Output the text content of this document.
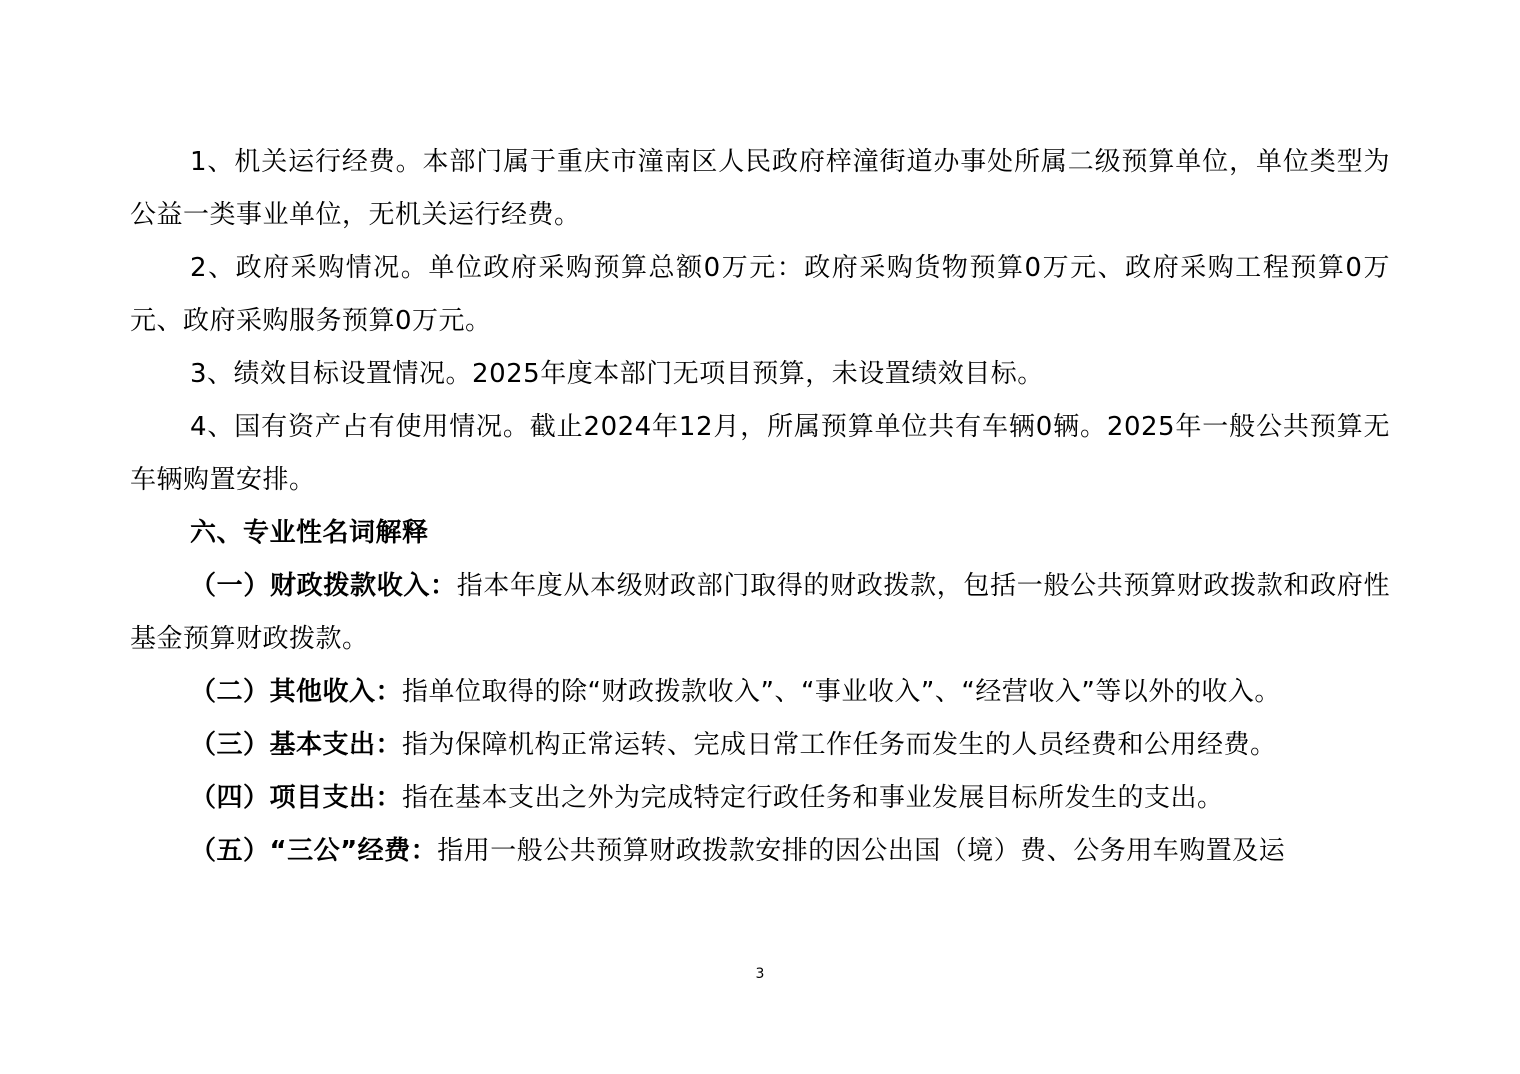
1、机关运行经费。本部门属于重庆市潼南区人民政府梓潼街道办事处所属二级预算单位，单位类型为公益一类事业单位，无机关运行经费。

2、政府采购情况。单位政府采购预算总额0万元：政府采购货物预算0万元、政府采购工程预算0万元、政府采购服务预算0万元。

3、绩效目标设置情况。2025年度本部门无项目预算，未设置绩效目标。

4、国有资产占有使用情况。截止2024年12月，所属预算单位共有车辆0辆。2025年一般公共预算无车辆购置安排。

六、专业性名词解释

（一）财政拨款收入：指本年度从本级财政部门取得的财政拨款，包括一般公共预算财政拨款和政府性基金预算财政拨款。

（二）其他收入：指单位取得的除“财政拨款收入”、“事业收入”、“经营收入”等以外的收入。

（三）基本支出：指为保障机构正常运转、完成日常工作任务而发生的人员经费和公用经费。

（四）项目支出：指在基本支出之外为完成特定行政任务和事业发展目标所发生的支出。

（五）“三公”经费：指用一般公共预算财政拨款安排的因公出国（境）费、公务用车购置及运

3
